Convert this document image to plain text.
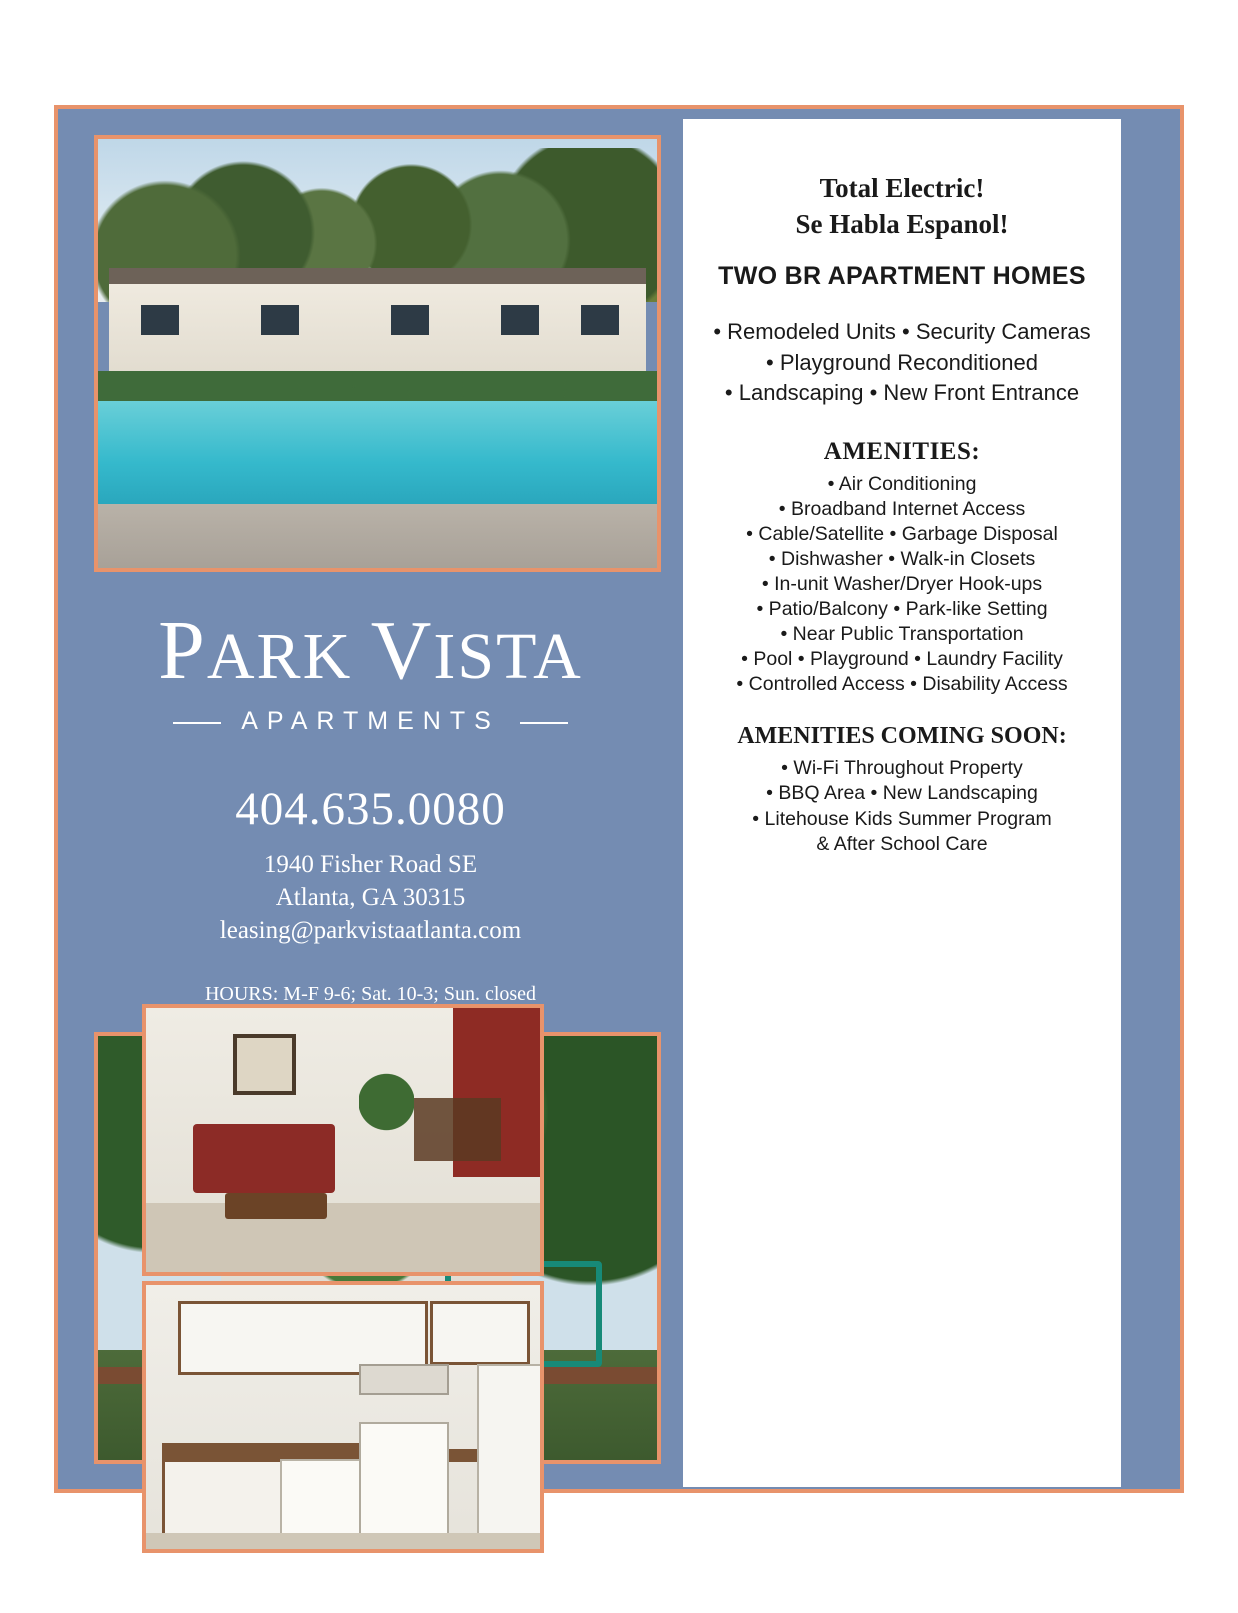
PARK VISTA
APARTMENTS
404.635.0080
1940 Fisher Road SE
Atlanta, GA 30315
leasing@parkvistaatlanta.com
HOURS: M-F 9-6; Sat. 10-3; Sun. closed
Total Electric!
Se Habla Espanol!
TWO BR APARTMENT HOMES
• Remodeled Units • Security Cameras
• Playground Reconditioned
• Landscaping • New Front Entrance
AMENITIES:
• Air Conditioning
• Broadband Internet Access
• Cable/Satellite • Garbage Disposal
• Dishwasher • Walk-in Closets
• In-unit Washer/Dryer Hook-ups
• Patio/Balcony • Park-like Setting
• Near Public Transportation
• Pool • Playground • Laundry Facility
• Controlled Access • Disability Access
AMENITIES COMING SOON:
• Wi-Fi Throughout Property
• BBQ Area • New Landscaping
• Litehouse Kids Summer Program
& After School Care
